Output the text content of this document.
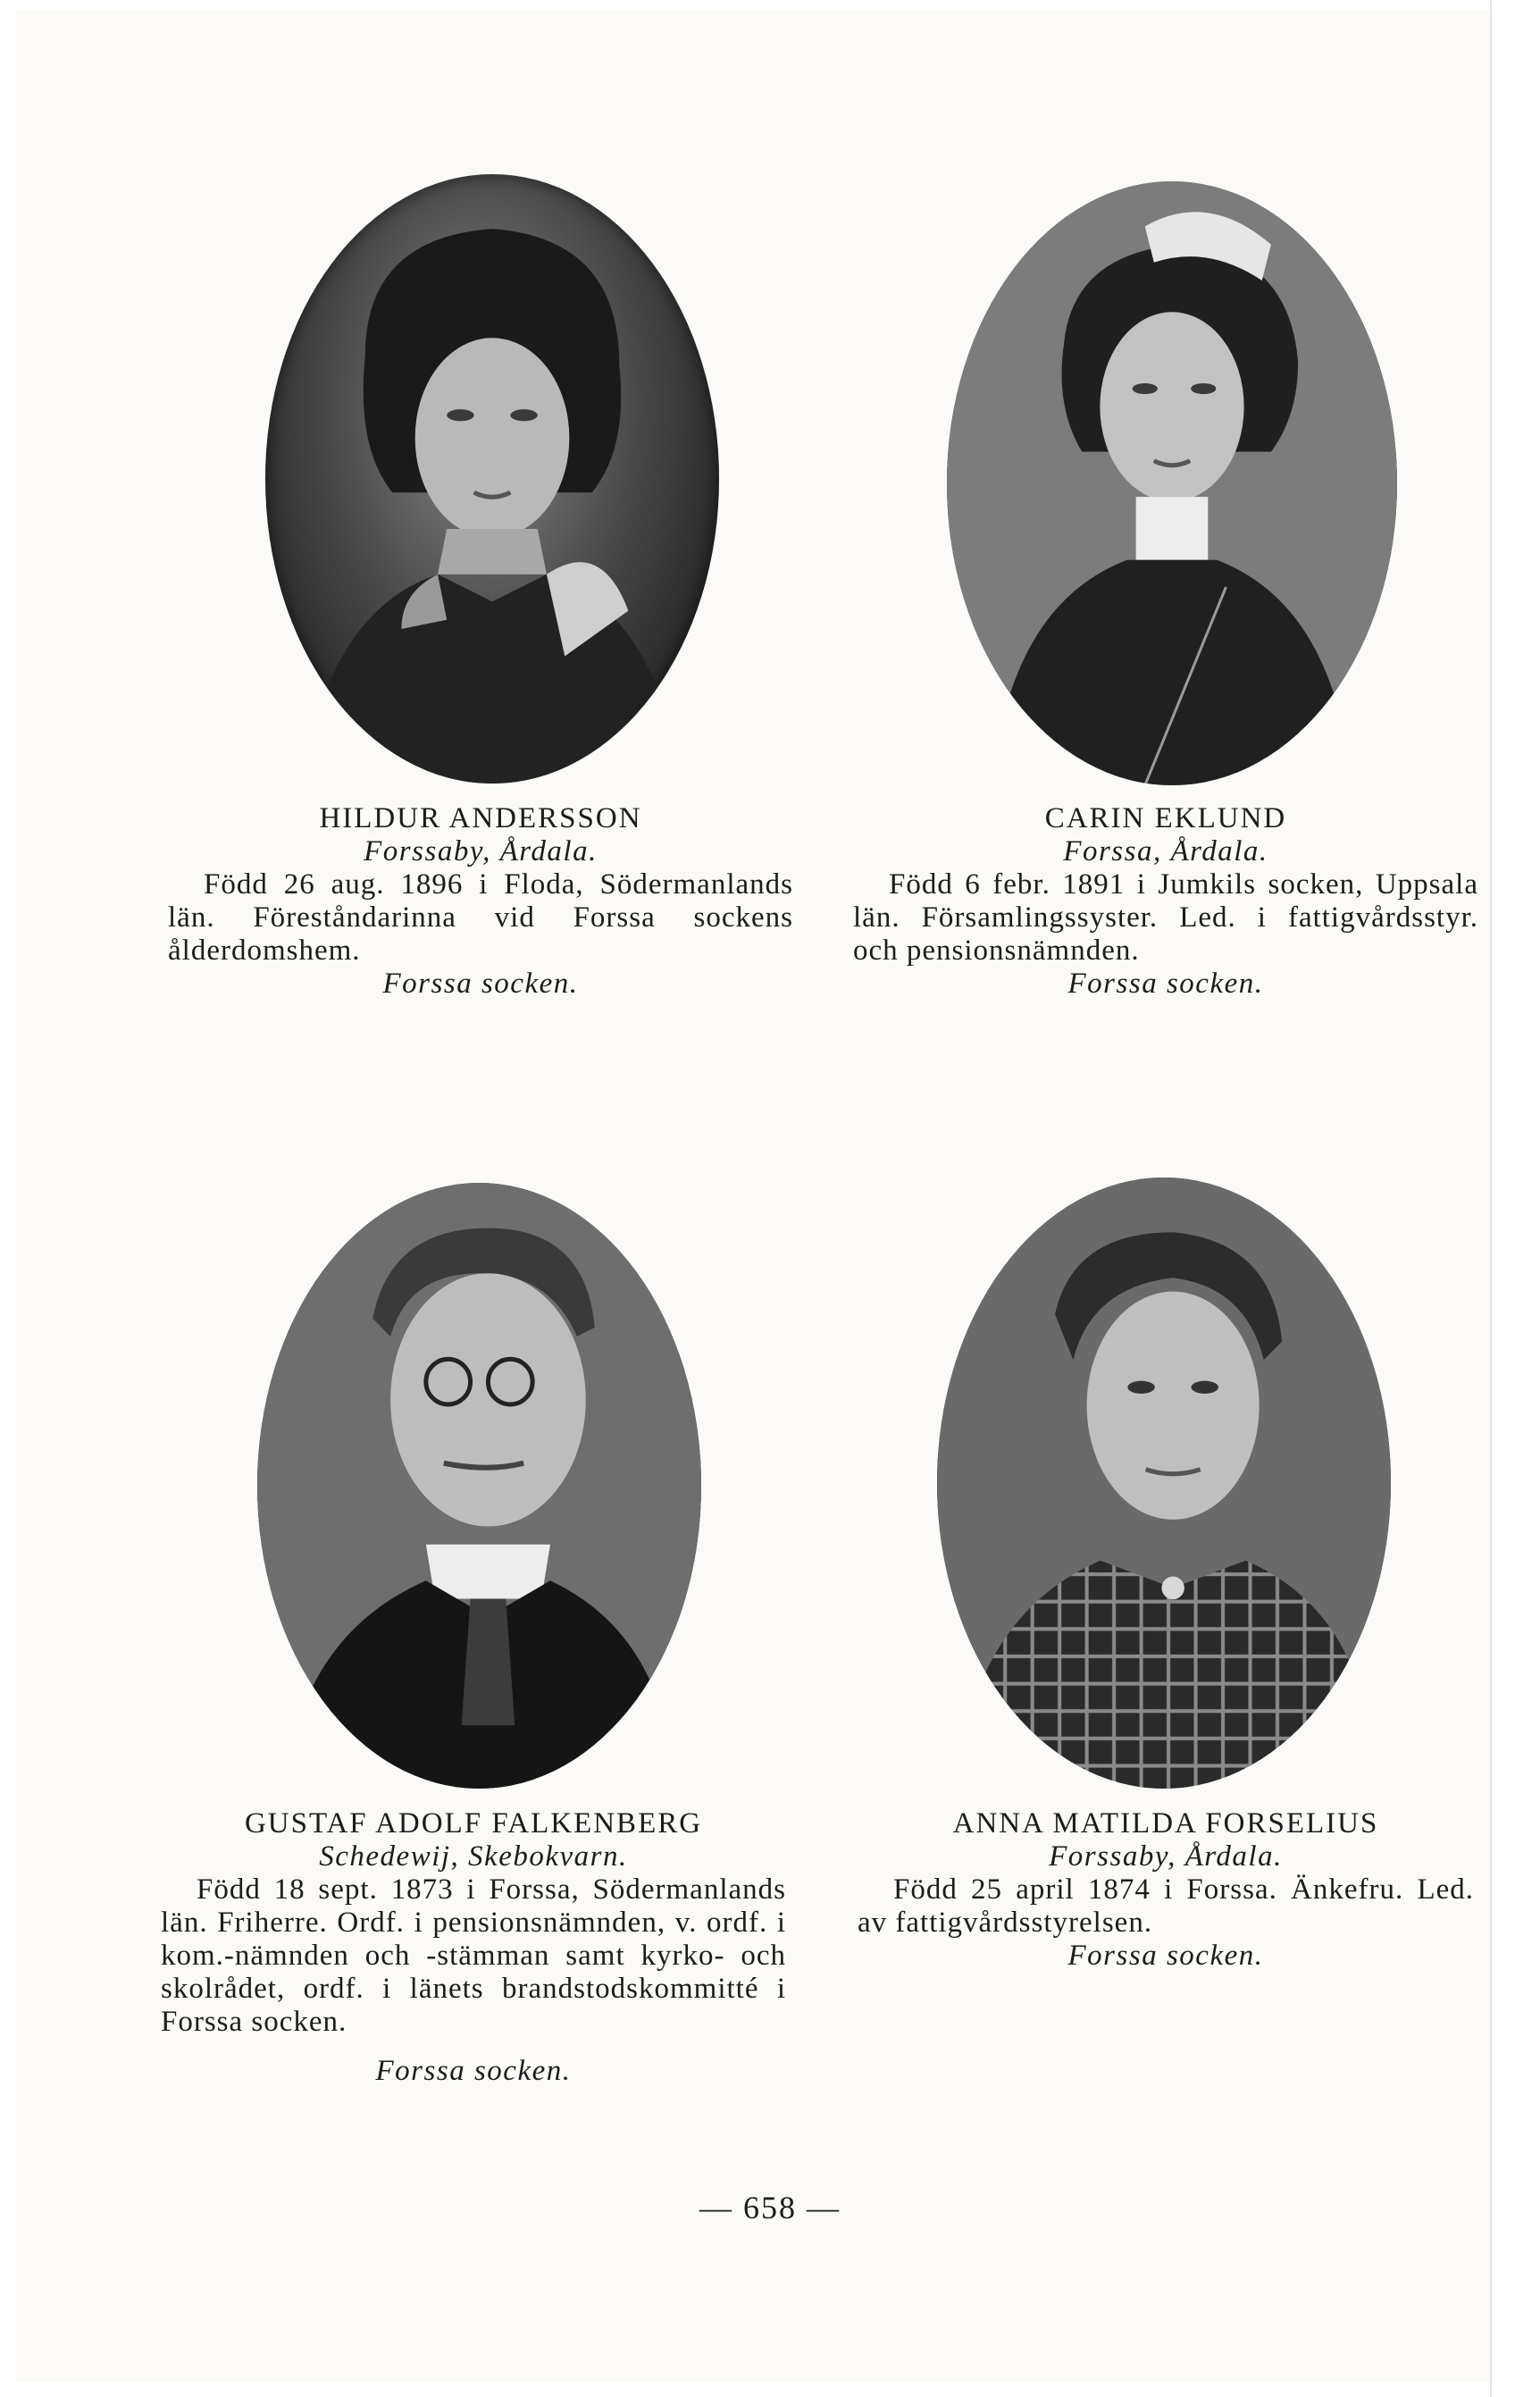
HILDUR ANDERSSON
Forssaby, Årdala.
Född 26 aug. 1896 i Floda, Södermanlands län. Föreståndarinna vid Forssa sockens ålderdomshem.
Forssa socken.
CARIN EKLUND
Forssa, Årdala.
Född 6 febr. 1891 i Jumkils socken, Uppsala län. Församlingssyster. Led. i fattigvårdsstyr. och pensionsnämnden.
Forssa socken.
GUSTAF ADOLF FALKENBERG
Schedewij, Skebokvarn.
Född 18 sept. 1873 i Forssa, Södermanlands län. Friherre. Ordf. i pensionsnämnden, v. ordf. i kom.-nämnden och -stämman samt kyrko- och skolrådet, ordf. i länets brandstodskommitté i Forssa socken.
Forssa socken.
ANNA MATILDA FORSELIUS
Forssaby, Årdala.
Född 25 april 1874 i Forssa. Änkefru. Led. av fattigvårdsstyrelsen.
Forssa socken.
— 658 —
